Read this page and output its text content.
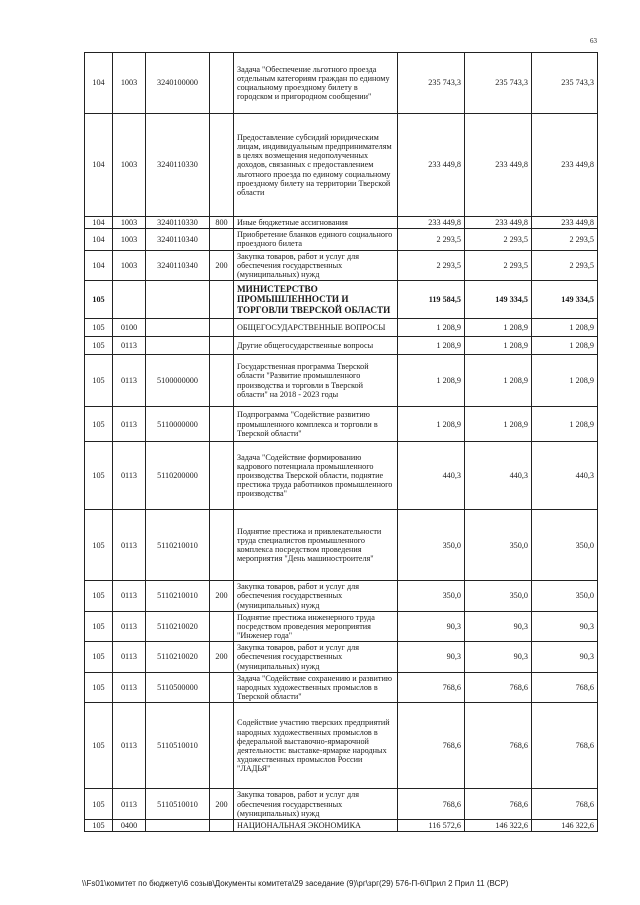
63
104	1003	3240100000		Задача "Обеспечение льготного проезда отдельным категориям граждан по единому социальному проездному билету в городском и пригородном сообщении"	235 743,3	235 743,3	235 743,3
104	1003	3240110330		Предоставление субсидий юридическим лицам, индивидуальным предпринимателям в целях возмещения недополученных доходов, связанных с предоставлением льготного проезда по единому социальному проездному билету на территории Тверской области	233 449,8	233 449,8	233 449,8
104	1003	3240110330	800	Иные бюджетные ассигнования	233 449,8	233 449,8	233 449,8
104	1003	3240110340		Приобретение бланков единого социального проездного билета	2 293,5	2 293,5	2 293,5
104	1003	3240110340	200	Закупка товаров, работ и услуг для обеспечения государственных (муниципальных) нужд	2 293,5	2 293,5	2 293,5
105				МИНИСТЕРСТВО ПРОМЫШЛЕННОСТИ И ТОРГОВЛИ ТВЕРСКОЙ ОБЛАСТИ	119 584,5	149 334,5	149 334,5
105	0100			ОБЩЕГОСУДАРСТВЕННЫЕ ВОПРОСЫ	1 208,9	1 208,9	1 208,9
105	0113			Другие общегосударственные вопросы	1 208,9	1 208,9	1 208,9
105	0113	5100000000		Государственная программа Тверской области "Развитие промышленного производства и торговли в Тверской области" на 2018 - 2023 годы	1 208,9	1 208,9	1 208,9
105	0113	5110000000		Подпрограмма "Содействие развитию промышленного комплекса и торговли в Тверской области"	1 208,9	1 208,9	1 208,9
105	0113	5110200000		Задача "Содействие формированию кадрового потенциала промышленного производства Тверской области, поднятие престижа труда работников промышленного производства"	440,3	440,3	440,3
105	0113	5110210010		Поднятие престижа и привлекательности труда специалистов промышленного комплекса посредством проведения мероприятия "День машиностроителя"	350,0	350,0	350,0
105	0113	5110210010	200	Закупка товаров, работ и услуг для обеспечения государственных (муниципальных) нужд	350,0	350,0	350,0
105	0113	5110210020		Поднятие престижа инженерного труда посредством проведения мероприятия "Инженер года"	90,3	90,3	90,3
105	0113	5110210020	200	Закупка товаров, работ и услуг для обеспечения государственных (муниципальных) нужд	90,3	90,3	90,3
105	0113	5110500000		Задача "Содействие сохранению и развитию народных художественных промыслов в Тверской области"	768,6	768,6	768,6
105	0113	5110510010		Содействие участию тверских предприятий народных художественных промыслов в федеральной выставочно-ярмарочной деятельности: выставке-ярмарке народных художественных промыслов России "ЛАДЬЯ"	768,6	768,6	768,6
105	0113	5110510010	200	Закупка товаров, работ и услуг для обеспечения государственных (муниципальных) нужд	768,6	768,6	768,6
105	0400			НАЦИОНАЛЬНАЯ ЭКОНОМИКА	116 572,6	146 322,6	146 322,6
\\Fs01\комитет по бюджету\6 созыв\Документы комитета\29 заседание (9)\рг\зрг(29) 576-П-6\Прил 2 Прил 11 (ВСР)
